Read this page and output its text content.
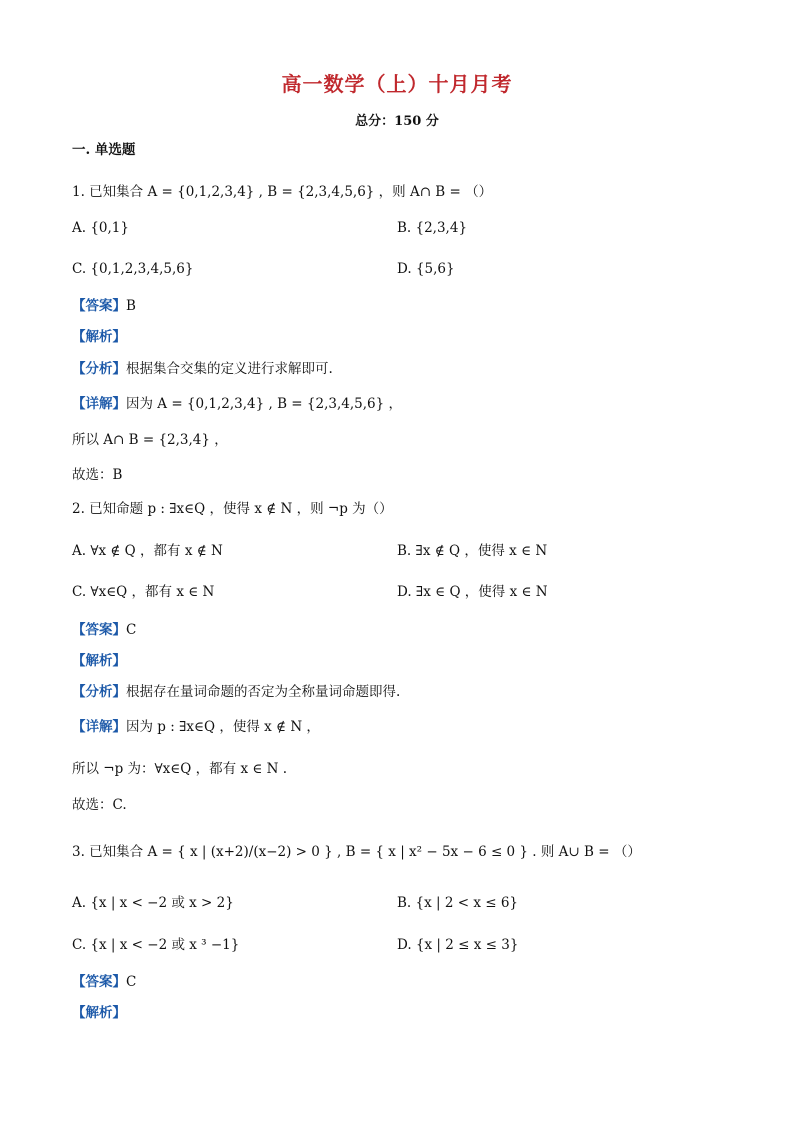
高一数学（上）十月月考
总分：150 分
一. 单选题
1. 已知集合 A = {0,1,2,3,4} , B = {2,3,4,5,6} ，则 A∩ B = （）
A. {0,1}	B. {2,3,4}
C. {0,1,2,3,4,5,6}	D. {5,6}
【答案】B
【解析】
【分析】根据集合交集的定义进行求解即可.
【详解】因为 A = {0,1,2,3,4} , B = {2,3,4,5,6} ，
所以 A∩ B = {2,3,4} ，
故选：B
2. 已知命题 p : ∃x∈Q ，使得 x ∉ N ，则 ¬p 为（）
A. ∀x ∉ Q ，都有 x ∉ N	B. ∃x ∉ Q ，使得 x ∈ N
C. ∀x∈Q ，都有 x ∈ N	D. ∃x ∈ Q ，使得 x ∈ N
【答案】C
【解析】
【分析】根据存在量词命题的否定为全称量词命题即得.
【详解】因为 p : ∃x∈Q ，使得 x ∉ N ，
所以 ¬p 为：∀x∈Q ，都有 x ∈ N .
故选：C.
3. 已知集合 A = { x | (x+2)/(x−2) > 0 } , B = { x | x² − 5x − 6 ≤ 0 } . 则 A∪ B = （）
A. {x | x < −2 或 x > 2}	B. {x | 2 < x ≤ 6}
C. {x | x < −2 或 x ³ −1}	D. {x | 2 ≤ x ≤ 3}
【答案】C
【解析】
